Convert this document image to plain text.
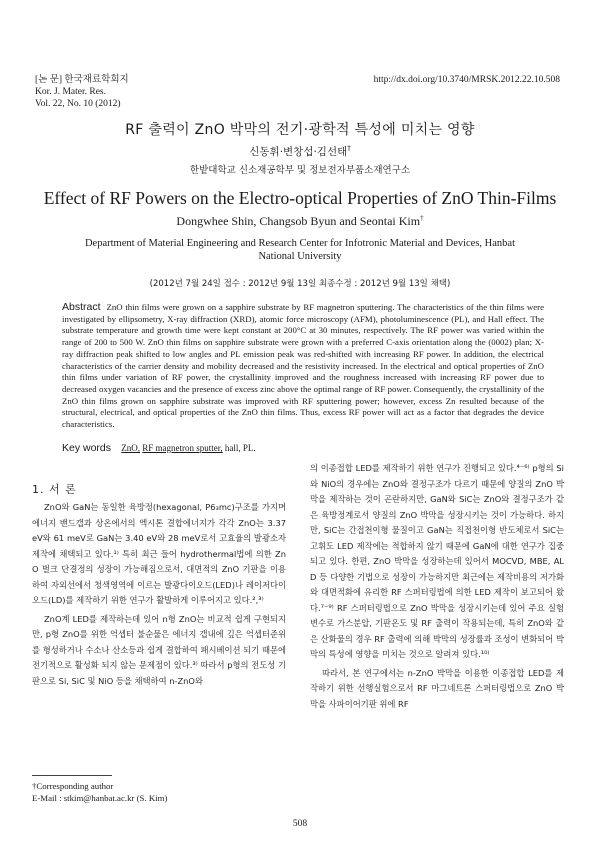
[논 문] 한국재료학회지
Kor. J. Mater. Res.
Vol. 22, No. 10 (2012)
http://dx.doi.org/10.3740/MRSK.2012.22.10.508
RF 출력이 ZnO 박막의 전기·광학적 특성에 미치는 영향
신동휘·변창섭·김선태†
한밭대학교 신소재공학부 및 정보전자부품소재연구소
Effect of RF Powers on the Electro-optical Properties of ZnO Thin-Films
Dongwhee Shin, Changsob Byun and Seontai Kim†
Department of Material Engineering and Research Center for Infotronic Material and Devices, Hanbat National University
(2012년 7월 24일 접수 : 2012년 9월 13일 최종수정 : 2012년 9월 13일 채택)
Abstract ZnO thin films were grown on a sapphire substrate by RF magnetron sputtering. The characteristics of the thin films were investigated by ellipsometry, X-ray diffraction (XRD), atomic force microscopy (AFM), photoluminescence (PL), and Hall effect. The substrate temperature and growth time were kept constant at 200°C at 30 minutes, respectively. The RF power was varied within the range of 200 to 500 W. ZnO thin films on sapphire substrate were grown with a preferred C-axis orientation along the (0002) plan; X-ray diffraction peak shifted to low angles and PL emission peak was red-shifted with increasing RF power. In addition, the electrical characteristics of the carrier density and mobility decreased and the resistivity increased. In the electrical and optical properties of ZnO thin films under variation of RF power, the crystallinity improved and the roughness increased with increasing RF power due to decreased oxygen vacancies and the presence of excess zinc above the optimal range of RF power. Consequently, the crystallinity of the ZnO thin films grown on sapphire substrate was improved with RF sputtering power; however, excess Zn resulted because of the structural, electrical, and optical properties of the ZnO thin films. Thus, excess RF power will act as a factor that degrades the device characteristics.
Key words ZnO, RF magnetron sputter, hall, PL.
1. 서 론

ZnO와 GaN는 동일한 육방정(hexagonal, P6₃mc)구조를 가지며 에너지 밴드갭과 상온에서의 엑시톤 결합에너지가 각각 ZnO는 3.37 eV와 61 meV로 GaN는 3.40 eV와 28 meV로서 고효율의 발광소자 제작에 채택되고 있다.¹⁾ 특히 최근 들어 hydrothermal법에 의한 ZnO 벌크 단결정의 성장이 가능해짐으로서, 대면적의 ZnO 기판을 이용하여 자외선에서 청색영역에 이르는 발광다이오드(LED)나 레이저다이오드(LD)를 제작하기 위한 연구가 활발하게 이루어지고 있다.²,³⁾

ZnO계 LED를 제작하는데 있어 n형 ZnO는 비교적 쉽게 구현되지만, p형 ZnO를 위한 억셉터 불순물은 에너지 갭내에 깊은 억셉터준위를 형성하거나 수소나 산소등과 쉽게 결합하여 패시베이션 되기 때문에 전기적으로 활성화 되지 않는 문제점이 있다.³⁾ 따라서 p형의 전도성 기판으로 Si, SiC 및 NiO 등을 채택하여 n-ZnO와

의 이종접합 LED를 제작하기 위한 연구가 진행되고 있다.⁴⁻⁶⁾ p형의 Si와 NiO의 경우에는 ZnO와 결정구조가 다르기 때문에 양질의 ZnO 박막을 제작하는 것이 곤란하지만, GaN와 SiC는 ZnO와 결정구조가 같은 육방정계로서 양질의 ZnO 박막을 성장시키는 것이 가능하다. 하지만, SiC는 간접천이형 물질이고 GaN는 직접천이형 반도체로서 SiC는 고휘도 LED 제작에는 적합하지 않기 때문에 GaN에 대한 연구가 집중되고 있다. 한편, ZnO 박막을 성장하는데 있어서 MOCVD, MBE, ALD 등 다양한 기법으로 성장이 가능하지만 최근에는 제작비용의 저가화와 대면적화에 유리한 RF 스퍼터링법에 의한 LED 제작이 보고되어 왔다.⁷⁻⁹⁾ RF 스퍼터링법으로 ZnO 박막을 성장시키는데 있어 주요 실험변수로 가스분압, 기판온도 및 RF 출력이 작용되는데, 특히 ZnO와 같은 산화물의 경우 RF 출력에 의해 박막의 성장률과 조성이 변화되어 박막의 특성에 영향을 미치는 것으로 알려져 있다.¹⁰⁾

따라서, 본 연구에서는 n-ZnO 박막을 이용한 이종접합 LED를 제작하기 위한 선행실험으로서 RF 마그네트론 스퍼터링법으로 ZnO 박막을 사파이어기판 위에 RF

†Corresponding author
E-Mail : stkim@hanbat.ac.kr (S. Kim)
508
